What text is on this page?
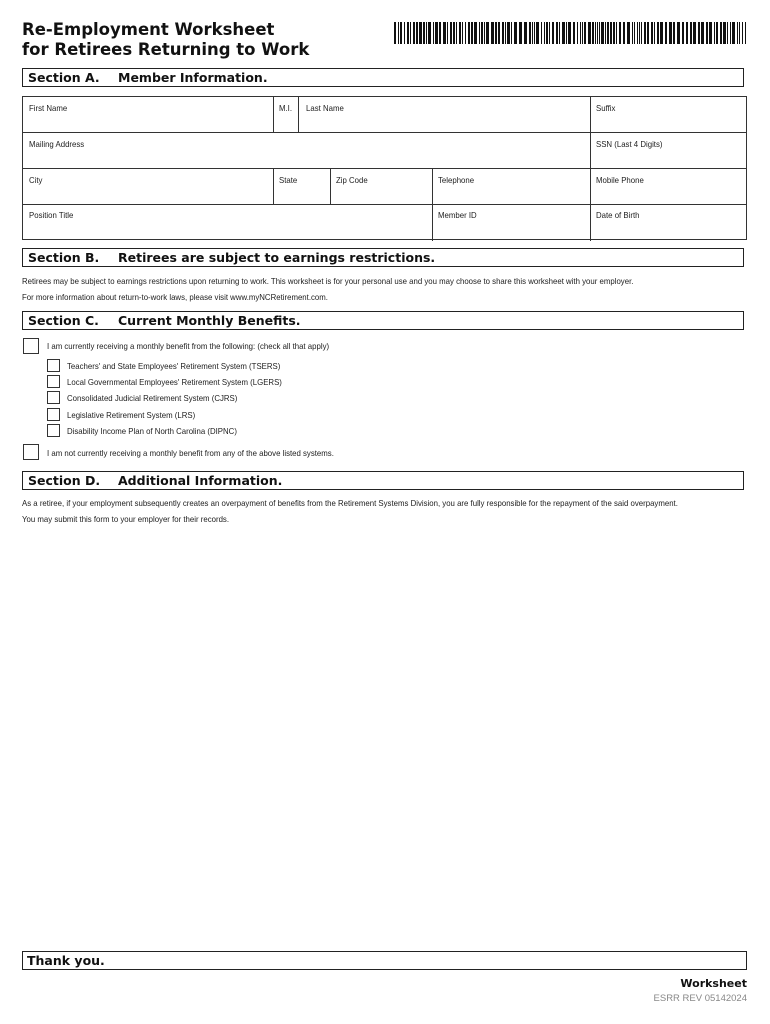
Re-Employment Worksheet
for Retirees Returning to Work
Section A. Member Information.
First Name	M.I. Last Name	Suffix
Mailing Address	SSN (Last 4 Digits)
City	State	Zip Code	Telephone	Mobile Phone
Position Title	Member ID	Date of Birth
Section B. Retirees are subject to earnings restrictions.
Retirees may be subject to earnings restrictions upon returning to work. This worksheet is for your personal use and you may choose to share this worksheet with your employer.
For more information about return-to-work laws, please visit www.myNCRetirement.com.
Section C. Current Monthly Benefits.
I am currently receiving a monthly benefit from the following: (check all that apply)
Teachers' and State Employees' Retirement System (TSERS)
Local Governmental Employees' Retirement System (LGERS)
Consolidated Judicial Retirement System (CJRS)
Legislative Retirement System (LRS)
Disability Income Plan of North Carolina (DIPNC)
I am not currently receiving a monthly benefit from any of the above listed systems.
Section D. Additional Information.
As a retiree, if your employment subsequently creates an overpayment of benefits from the Retirement Systems Division, you are fully responsible for the repayment of the said overpayment.
You may submit this form to your employer for their records.
Thank you.
Worksheet
ESRR REV 05142024
